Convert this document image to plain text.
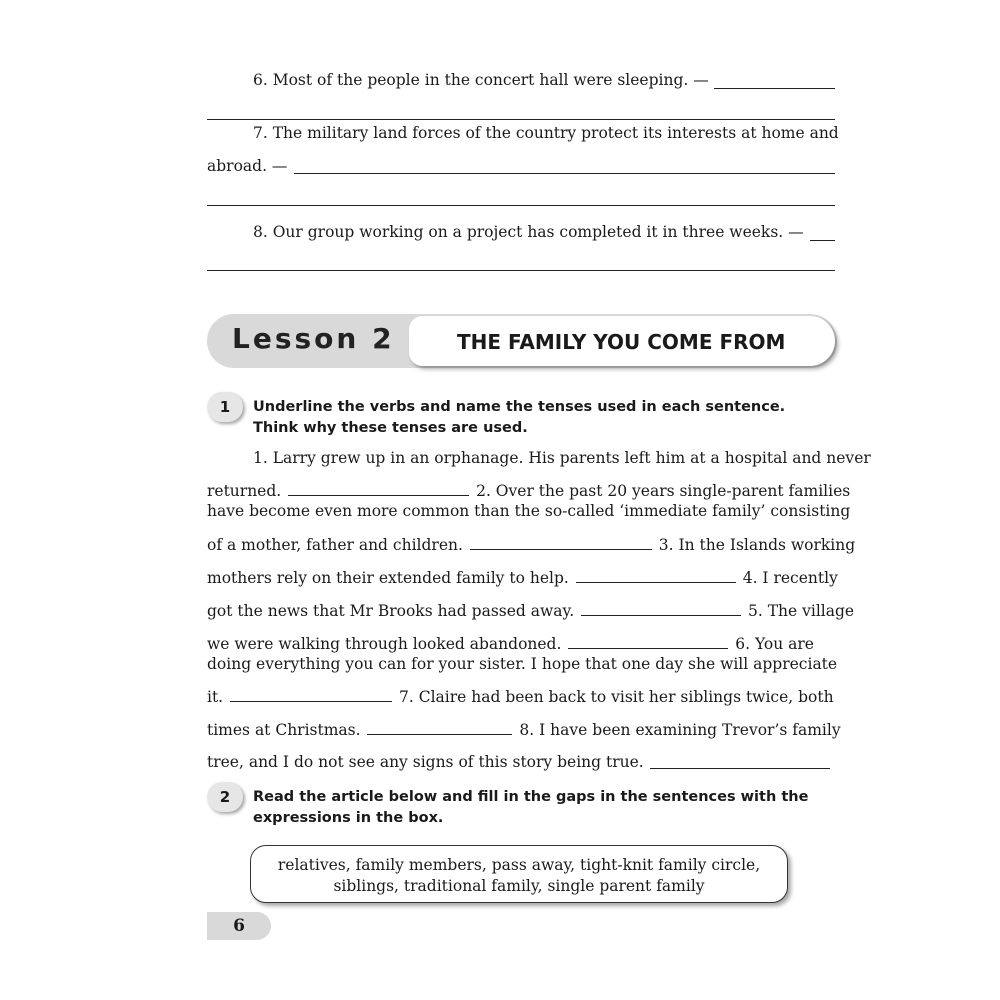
6. Most of the people in the concert hall were sleeping. —
7. The military land forces of the country protect its interests at home and
abroad. —
8. Our group working on a project has completed it in three weeks. —
Lesson 2	THE FAMILY YOU COME FROM
1	Underline the verbs and name the tenses used in each sentence. Think why these tenses are used.
1. Larry grew up in an orphanage. His parents left him at a hospital and never
returned.	2. Over the past 20 years single-parent families
have become even more common than the so-called ‘immediate family’ consisting
of a mother, father and children.	3. In the Islands working
mothers rely on their extended family to help.	4. I recently
got the news that Mr Brooks had passed away.	5. The village
we were walking through looked abandoned.	6. You are
doing everything you can for your sister. I hope that one day she will appreciate
it.	7. Claire had been back to visit her siblings twice, both
times at Christmas.	8. I have been examining Trevor’s family
tree, and I do not see any signs of this story being true.
2	Read the article below and fill in the gaps in the sentences with the expressions in the box.
relatives, family members, pass away, tight-knit family circle,
siblings, traditional family, single parent family
6
